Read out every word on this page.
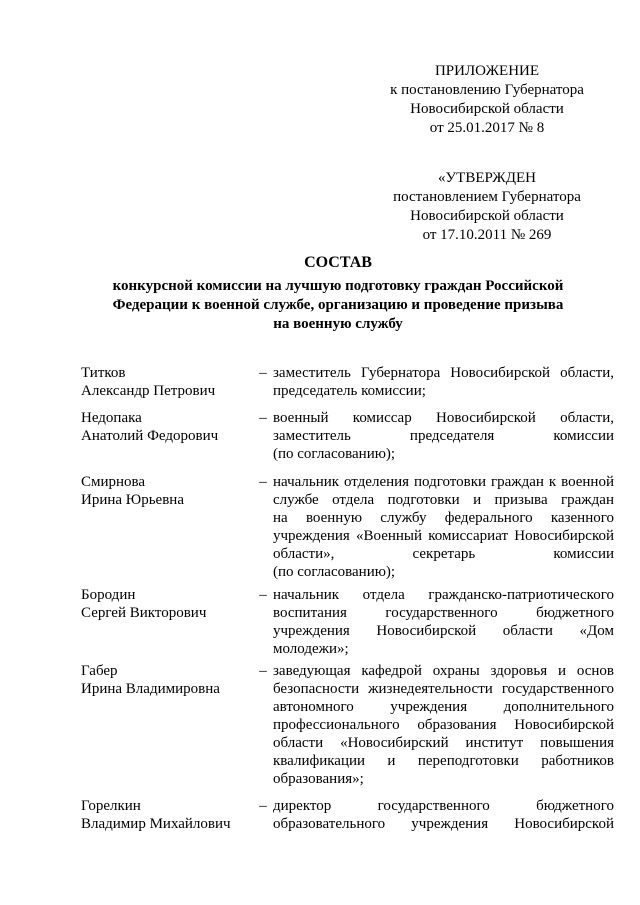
ПРИЛОЖЕНИЕ
к постановлению Губернатора
Новосибирской области
от 25.01.2017 № 8
«УТВЕРЖДЕН
постановлением Губернатора
Новосибирской области
от 17.10.2011 № 269
СОСТАВ
конкурсной комиссии на лучшую подготовку граждан Российской
Федерации к военной службе, организацию и проведение призыва
на военную службу
Титков
Александр Петрович
– заместитель Губернатора Новосибирской области,
председатель комиссии;
Недопака
Анатолий Федорович
– военный комиссар Новосибирской области,
заместитель председателя комиссии
(по согласованию);
Смирнова
Ирина Юрьевна
– начальник отделения подготовки граждан к военной
службе отдела подготовки и призыва граждан
на военную службу федерального казенного
учреждения «Военный комиссариат Новосибирской
области», секретарь комиссии
(по согласованию);
Бородин
Сергей Викторович
– начальник отдела гражданско-патриотического
воспитания государственного бюджетного
учреждения Новосибирской области «Дом
молодежи»;
Габер
Ирина Владимировна
– заведующая кафедрой охраны здоровья и основ
безопасности жизнедеятельности государственного
автономного учреждения дополнительного
профессионального образования Новосибирской
области «Новосибирский институт повышения
квалификации и переподготовки работников
образования»;
Горелкин
Владимир Михайлович
– директор государственного бюджетного
образовательного учреждения Новосибирской
